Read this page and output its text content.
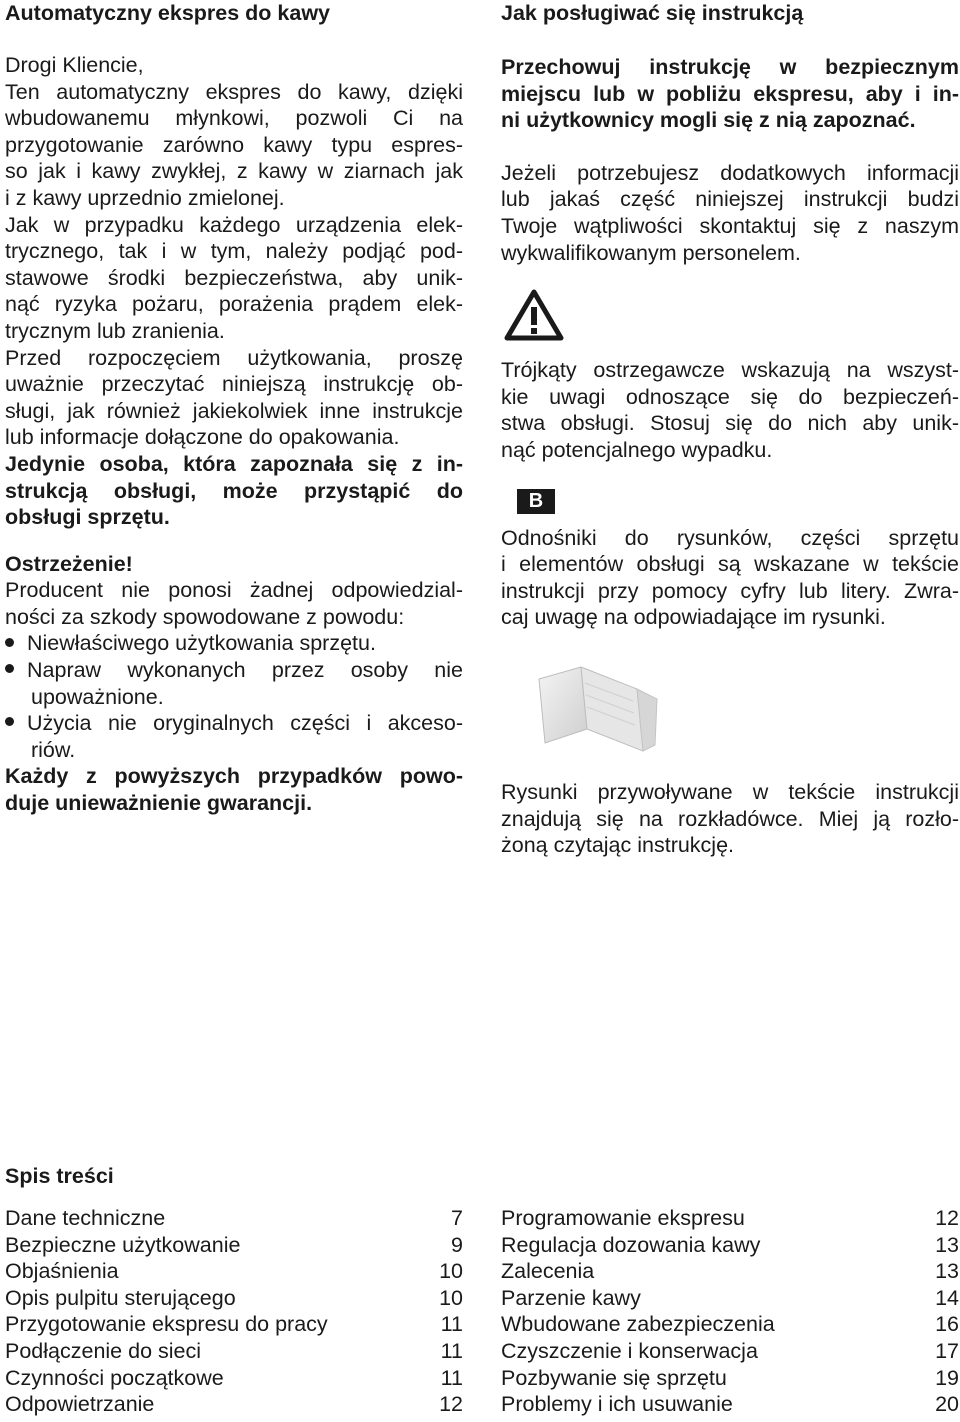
Automatyczny ekspres do kawy
Drogi Kliencie,
Ten automatyczny ekspres do kawy, dzięki
wbudowanemu młynkowi, pozwoli Ci na
przygotowanie zarówno kawy typu espres-
so jak i kawy zwykłej, z kawy w ziarnach jak
i z kawy uprzednio zmielonej.
Jak w przypadku każdego urządzenia elek-
trycznego, tak i w tym, należy podjąć pod-
stawowe środki bezpieczeństwa, aby unik-
nąć ryzyka pożaru, porażenia prądem elek-
trycznym lub zranienia.
Przed rozpoczęciem użytkowania, proszę
uważnie przeczytać niniejszą instrukcję ob-
sługi, jak również jakiekolwiek inne instrukcje
lub informacje dołączone do opakowania.
Jedynie osoba, która zapoznała się z in-
strukcją obsługi, może przystąpić do
obsługi sprzętu.
Ostrzeżenie!
Producent nie ponosi żadnej odpowiedzial-
ności za szkody spowodowane z powodu:
Niewłaściwego użytkowania sprzętu.
Napraw wykonanych przez osoby nie
upoważnione.
Użycia nie oryginalnych części i akceso-
riów.
Każdy z powyższych przypadków powo-
duje unieważnienie gwarancji.
Jak posługiwać się instrukcją
Przechowuj instrukcję w bezpiecznym
miejscu lub w pobliżu ekspresu, aby i in-
ni użytkownicy mogli się z nią zapoznać.
Jeżeli potrzebujesz dodatkowych informacji
lub jakaś część niniejszej instrukcji budzi
Twoje wątpliwości skontaktuj się z naszym
wykwalifikowanym personelem.
Trójkąty ostrzegawcze wskazują na wszyst-
kie uwagi odnoszące się do bezpieczeń-
stwa obsługi. Stosuj się do nich aby unik-
nąć potencjalnego wypadku.
B
Odnośniki do rysunków, części sprzętu
i elementów obsługi są wskazane w tekście
instrukcji przy pomocy cyfry lub litery. Zwra-
caj uwagę na odpowiadające im rysunki.
Rysunki przywoływane w tekście instrukcji
znajdują się na rozkładówce. Miej ją rozło-
żoną czytając instrukcję.
Spis treści
Dane techniczne	7
Bezpieczne użytkowanie	9
Objaśnienia	10
Opis pulpitu sterującego	10
Przygotowanie ekspresu do pracy	11
Podłączenie do sieci	11
Czynności początkowe	11
Odpowietrzanie	12
Programowanie ekspresu	12
Regulacja dozowania kawy	13
Zalecenia	13
Parzenie kawy	14
Wbudowane zabezpieczenia	16
Czyszczenie i konserwacja	17
Pozbywanie się sprzętu	19
Problemy i ich usuwanie	20
